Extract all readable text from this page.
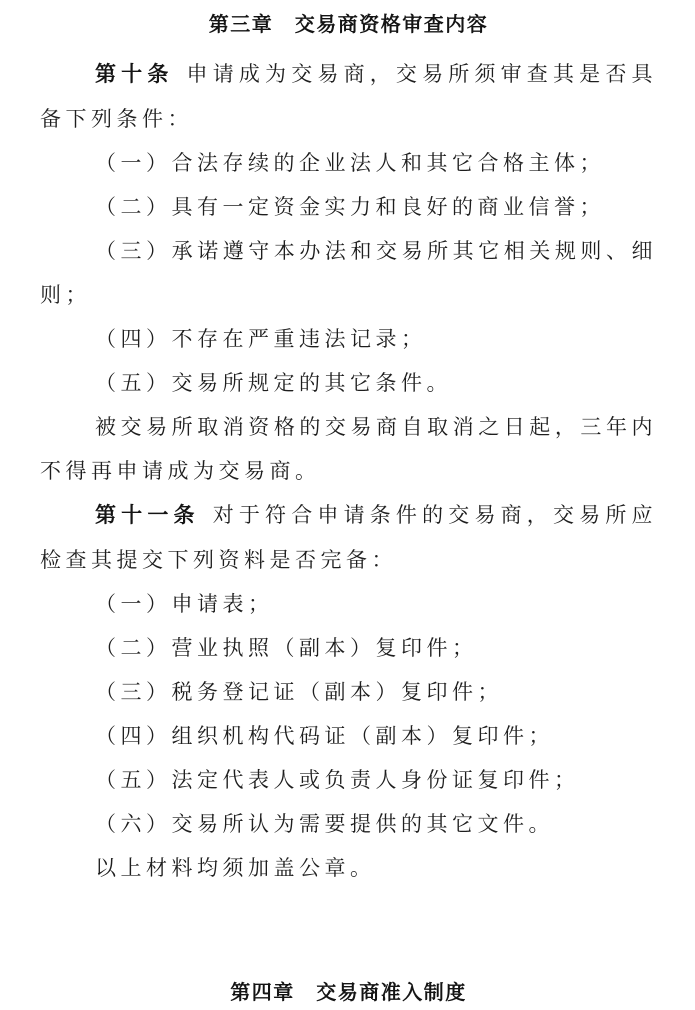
第三章　交易商资格审查内容

第十条 申请成为交易商，交易所须审查其是否具备下列条件：

（一）合法存续的企业法人和其它合格主体；

（二）具有一定资金实力和良好的商业信誉；

（三）承诺遵守本办法和交易所其它相关规则、细则；

（四）不存在严重违法记录；

（五）交易所规定的其它条件。

被交易所取消资格的交易商自取消之日起，三年内不得再申请成为交易商。

第十一条 对于符合申请条件的交易商，交易所应检查其提交下列资料是否完备：

（一）申请表；

（二）营业执照（副本）复印件；

（三）税务登记证（副本）复印件；

（四）组织机构代码证（副本）复印件；

（五）法定代表人或负责人身份证复印件；

（六）交易所认为需要提供的其它文件。

以上材料均须加盖公章。

第四章　交易商准入制度
